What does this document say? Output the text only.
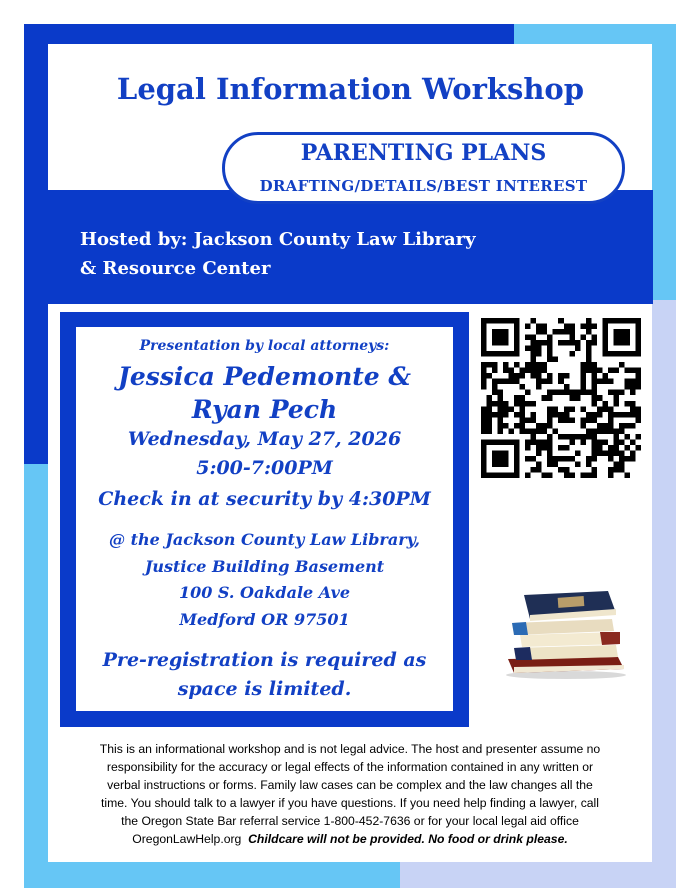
Legal Information Workshop
PARENTING PLANS
DRAFTING/DETAILS/BEST INTEREST
Hosted by: Jackson County Law Library
& Resource Center
Presentation by local attorneys:
Jessica Pedemonte &
Ryan Pech
Wednesday, May 27, 2026
5:00-7:00PM
Check in at security by 4:30PM
@ the Jackson County Law Library,
Justice Building Basement
100 S. Oakdale Ave
Medford OR 97501
Pre-registration is required as
space is limited.
This is an informational workshop and is not legal advice. The host and presenter assume no
responsibility for the accuracy or legal effects of the information contained in any written or
verbal instructions or forms. Family law cases can be complex and the law changes all the
time. You should talk to a lawyer if you have questions. If you need help finding a lawyer, call
the Oregon State Bar referral service 1-800-452-7636 or for your local legal aid office
OregonLawHelp.org Childcare will not be provided. No food or drink please.
